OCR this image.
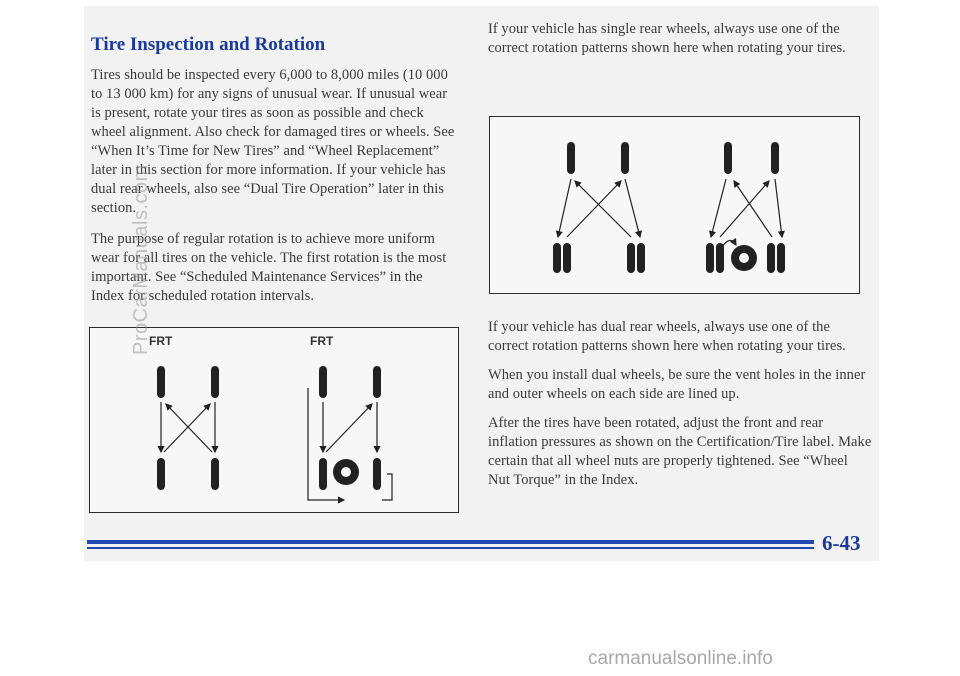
Tire Inspection and Rotation

Tires should be inspected every 6,000 to 8,000 miles (10 000 to 13 000 km) for any signs of unusual wear. If unusual wear is present, rotate your tires as soon as possible and check wheel alignment. Also check for damaged tires or wheels. See “When It’s Time for New Tires” and “Wheel Replacement” later in this section for more information. If your vehicle has dual rear wheels, also see “Dual Tire Operation” later in this section.

The purpose of regular rotation is to achieve more uniform wear for all tires on the vehicle. The first rotation is the most important. See “Scheduled Maintenance Services” in the Index for scheduled rotation intervals.

If your vehicle has single rear wheels, always use one of the correct rotation patterns shown here when rotating your tires.

If your vehicle has dual rear wheels, always use one of the correct rotation patterns shown here when rotating your tires.

When you install dual wheels, be sure the vent holes in the inner and outer wheels on each side are lined up.

After the tires have been rotated, adjust the front and rear inflation pressures as shown on the Certification/Tire label. Make certain that all wheel nuts are properly tightened. See “Wheel Nut Torque” in the Index.

FRT	FRT
6-43
ProCarManuals.com
carmanualsonline.info
